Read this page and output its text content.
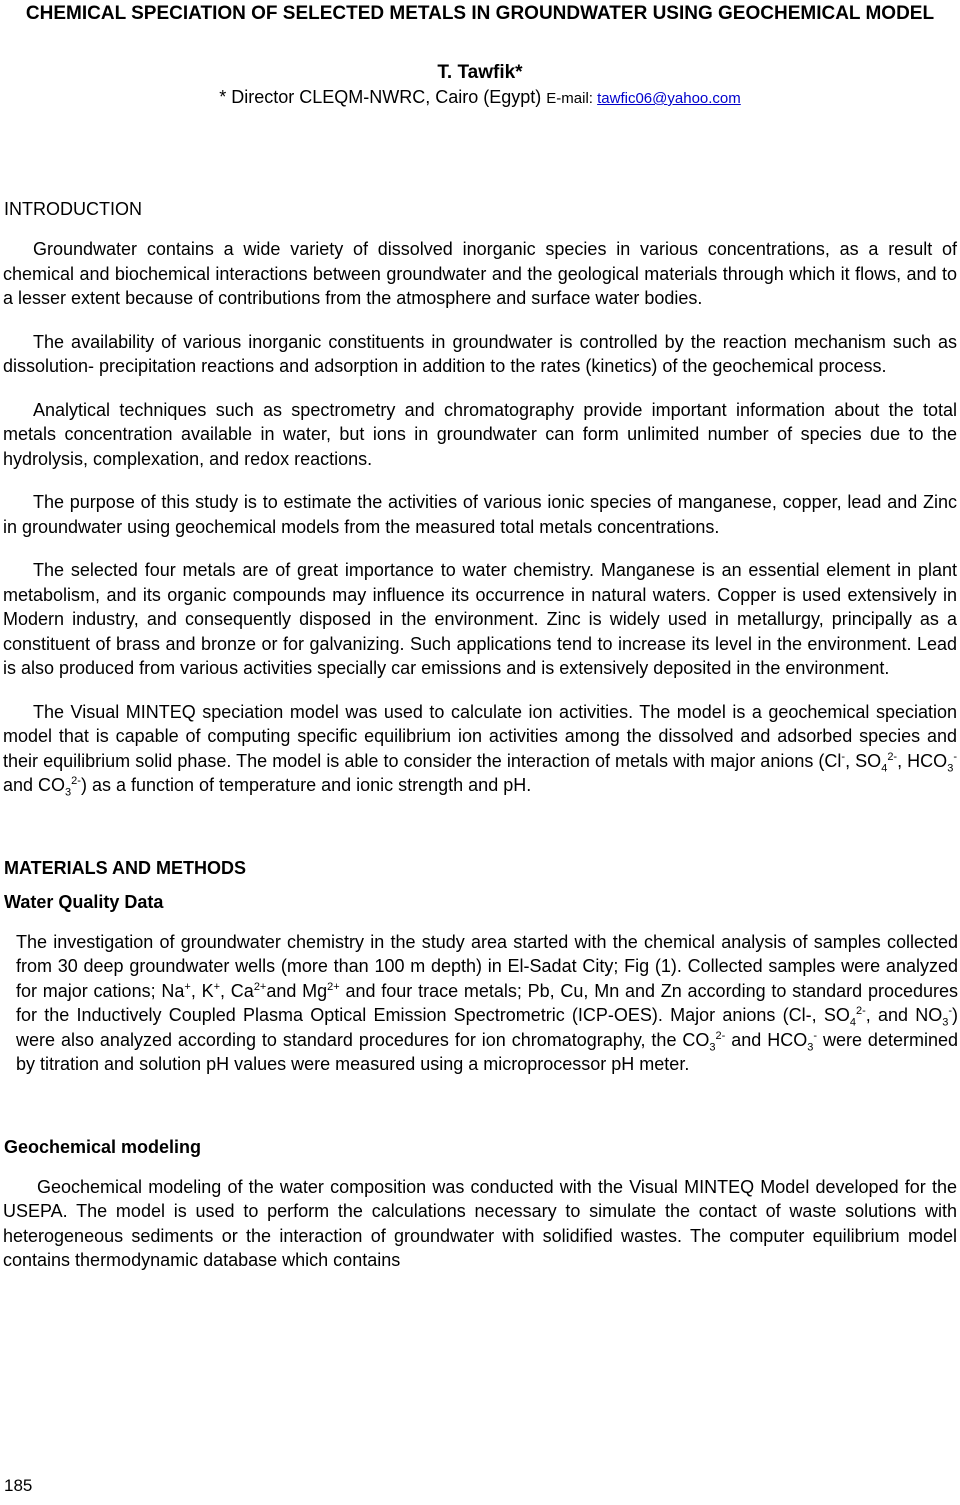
CHEMICAL SPECIATION OF SELECTED METALS IN GROUNDWATER USING GEOCHEMICAL MODEL
T. Tawfik*
* Director CLEQM-NWRC, Cairo (Egypt) E-mail: tawfic06@yahoo.com
INTRODUCTION

Groundwater contains a wide variety of dissolved inorganic species in various concentrations, as a result of chemical and biochemical interactions between groundwater and the geological materials through which it flows, and to a lesser extent because of contributions from the atmosphere and surface water bodies.

The availability of various inorganic constituents in groundwater is controlled by the reaction mechanism such as dissolution- precipitation reactions and adsorption in addition to the rates (kinetics) of the geochemical process.

Analytical techniques such as spectrometry and chromatography provide important information about the total metals concentration available in water, but ions in groundwater can form unlimited number of species due to the hydrolysis, complexation, and redox reactions.

The purpose of this study is to estimate the activities of various ionic species of manganese, copper, lead and Zinc in groundwater using geochemical models from the measured total metals concentrations.

The selected four metals are of great importance to water chemistry. Manganese is an essential element in plant metabolism, and its organic compounds may influence its occurrence in natural waters. Copper is used extensively in Modern industry, and consequently disposed in the environment. Zinc is widely used in metallurgy, principally as a constituent of brass and bronze or for galvanizing. Such applications tend to increase its level in the environment. Lead is also produced from various activities specially car emissions and is extensively deposited in the environment.

The Visual MINTEQ speciation model was used to calculate ion activities. The model is a geochemical speciation model that is capable of computing specific equilibrium ion activities among the dissolved and adsorbed species and their equilibrium solid phase. The model is able to consider the interaction of metals with major anions (Cl-, $SO_4^{2-}$, $HCO_3^-$ and $CO_3^{2-}$) as a function of temperature and ionic strength and pH.

MATERIALS AND METHODS
Water Quality Data

The investigation of groundwater chemistry in the study area started with the chemical analysis of samples collected from 30 deep groundwater wells (more than 100 m depth) in El-Sadat City; Fig (1). Collected samples were analyzed for major cations; Na+, K+, $Ca^{2+}and$ $Mg^{2+}$ and four trace metals; Pb, Cu, Mn and Zn according to standard procedures for the Inductively Coupled Plasma Optical Emission Spectrometric (ICP-OES). Major anions (Cl-, $SO_4^{2-}$, and $NO_3^-$) were also analyzed according to standard procedures for ion chromatography, the $CO_3^{2-}$ and $HCO_3^-$ were determined by titration and solution pH values were measured using a microprocessor pH meter.

Geochemical modeling

Geochemical modeling of the water composition was conducted with the Visual MINTEQ Model developed for the USEPA. The model is used to perform the calculations necessary to simulate the contact of waste solutions with heterogeneous sediments or the interaction of groundwater with solidified wastes. The computer equilibrium model contains thermodynamic database which contains

185
